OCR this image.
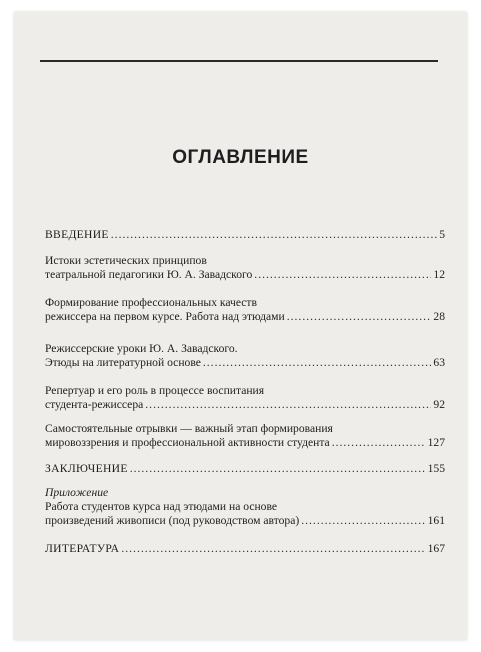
ОГЛАВЛЕНИЕ
ВВЕДЕНИЕ .....	5
Истоки эстетических принципов
театральной педагогики Ю. А. Завадского .....	12
Формирование профессиональных качеств
режиссера на первом курсе. Работа над этюдами .....	28
Режиссерские уроки Ю. А. Завадского.
Этюды на литературной основе .....	63
Репертуар и его роль в процессе воспитания
студента-режиссера .....	92
Самостоятельные отрывки — важный этап формирования
мировоззрения и профессиональной активности студента .....	127
ЗАКЛЮЧЕНИЕ .....	155
Приложение
Работа студентов курса над этюдами на основе
произведений живописи (под руководством автора) .....	161
ЛИТЕРАТУРА .....	167
